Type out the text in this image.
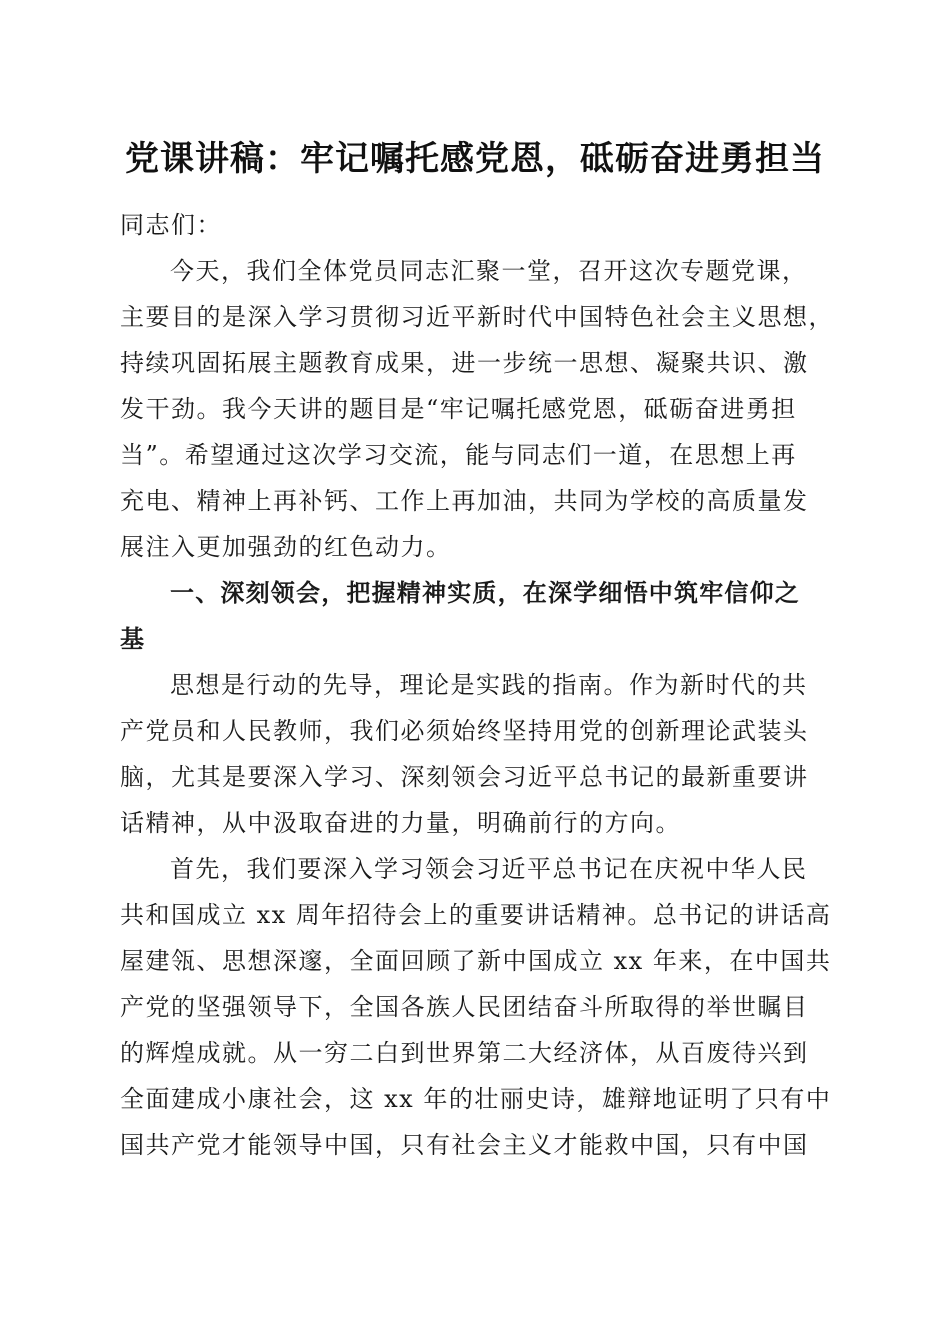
党课讲稿：牢记嘱托感党恩，砥砺奋进勇担当
同志们：
今天，我们全体党员同志汇聚一堂，召开这次专题党课，
主要目的是深入学习贯彻习近平新时代中国特色社会主义思想，
持续巩固拓展主题教育成果，进一步统一思想、凝聚共识、激
发干劲。我今天讲的题目是“牢记嘱托感党恩，砥砺奋进勇担
当”。希望通过这次学习交流，能与同志们一道，在思想上再
充电、精神上再补钙、工作上再加油，共同为学校的高质量发
展注入更加强劲的红色动力。
一、深刻领会，把握精神实质，在深学细悟中筑牢信仰之
基
思想是行动的先导，理论是实践的指南。作为新时代的共
产党员和人民教师，我们必须始终坚持用党的创新理论武装头
脑，尤其是要深入学习、深刻领会习近平总书记的最新重要讲
话精神，从中汲取奋进的力量，明确前行的方向。
首先，我们要深入学习领会习近平总书记在庆祝中华人民
共和国成立 xx 周年招待会上的重要讲话精神。总书记的讲话高
屋建瓴、思想深邃，全面回顾了新中国成立 xx 年来，在中国共
产党的坚强领导下，全国各族人民团结奋斗所取得的举世瞩目
的辉煌成就。从一穷二白到世界第二大经济体，从百废待兴到
全面建成小康社会，这 xx 年的壮丽史诗，雄辩地证明了只有中
国共产党才能领导中国，只有社会主义才能救中国，只有中国
